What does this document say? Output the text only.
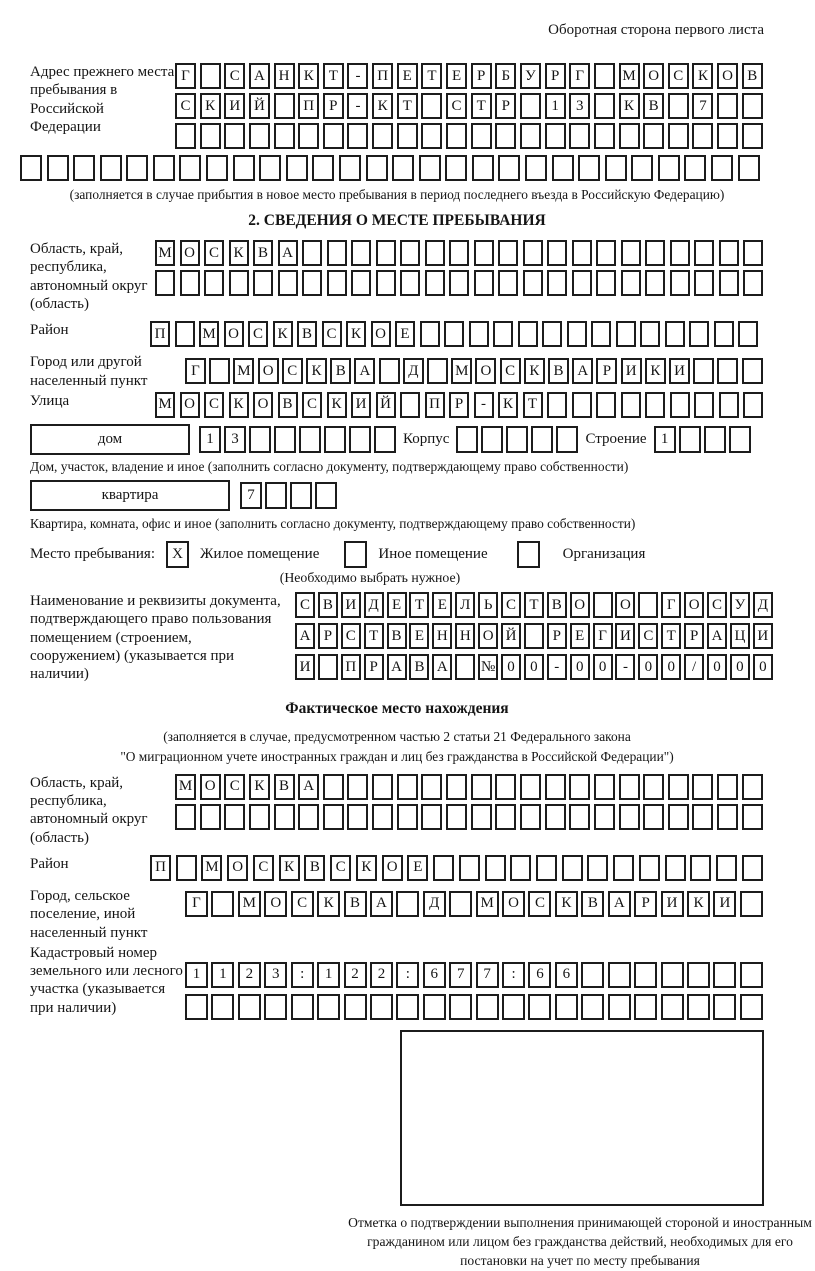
Оборотная сторона первого листа
Адрес прежнего места пребывания в Российской Федерации
Г	С А Н К	Т	-	П Е	Т	Е	Р	Б	У	Р	Г	М О С К О В
С К И Й	П	Р	-	К	Т	С	Т	Р	1	3	К В	7
(заполняется в случае прибытия в новое место пребывания в период последнего въезда в Российскую Федерацию)
2. СВЕДЕНИЯ О МЕСТЕ ПРЕБЫВАНИЯ
Область, край, республика, автономный округ (область)
М О С К В А
Район	П	М О С К В С К О Е
Город или другой населенный пункт
Г	М О С К В А	Д	М О С К В А Р И К И
Улица	М О С К О В С К И Й	П Р	-	К Т
дом	1	3	Корпус	Строение 1
Дом, участок, владение и иное (заполнить согласно документу, подтверждающему право собственности)
квартира	7
Квартира, комната, офис и иное (заполнить согласно документу, подтверждающему право собственности)
Место пребывания:	X	Жилое помещение	Иное помещение	Организация
(Необходимо выбрать нужное)
Наименование и реквизиты документа, подтверждающего право пользования помещением (строением, сооружением) (указывается при наличии)
С В И Д Е Т Е Л Ь С Т В О	О	Г О С У Д
А Р С Т В Е Н Н О Й	Р Е Г И С Т Р А Ц И
И	П Р А В А	№ 0	0	-	0	0	-	0	0	/	0	0	0
Фактическое место нахождения
(заполняется в случае, предусмотренном частью 2 статьи 21 Федерального закона
"О миграционном учете иностранных граждан и лиц без гражданства в Российской Федерации")
Область, край, республика, автономный округ (область)
М О С К В А
Район	П	М О	С	К	В	С	К	О	Е
Город, сельское поселение, иной населенный пункт
Г	М О	С	К	В	А	Д	М О	С	К	В	А	Р	И	К	И
Кадастровый номер земельного или лесного участка (указывается при наличии)
1	1	2	3	:	1	2	2	:	6	7	7	:	6	6
Отметка о подтверждении выполнения принимающей стороной и иностранным гражданином или лицом без гражданства действий, необходимых для его постановки на учет по месту пребывания
